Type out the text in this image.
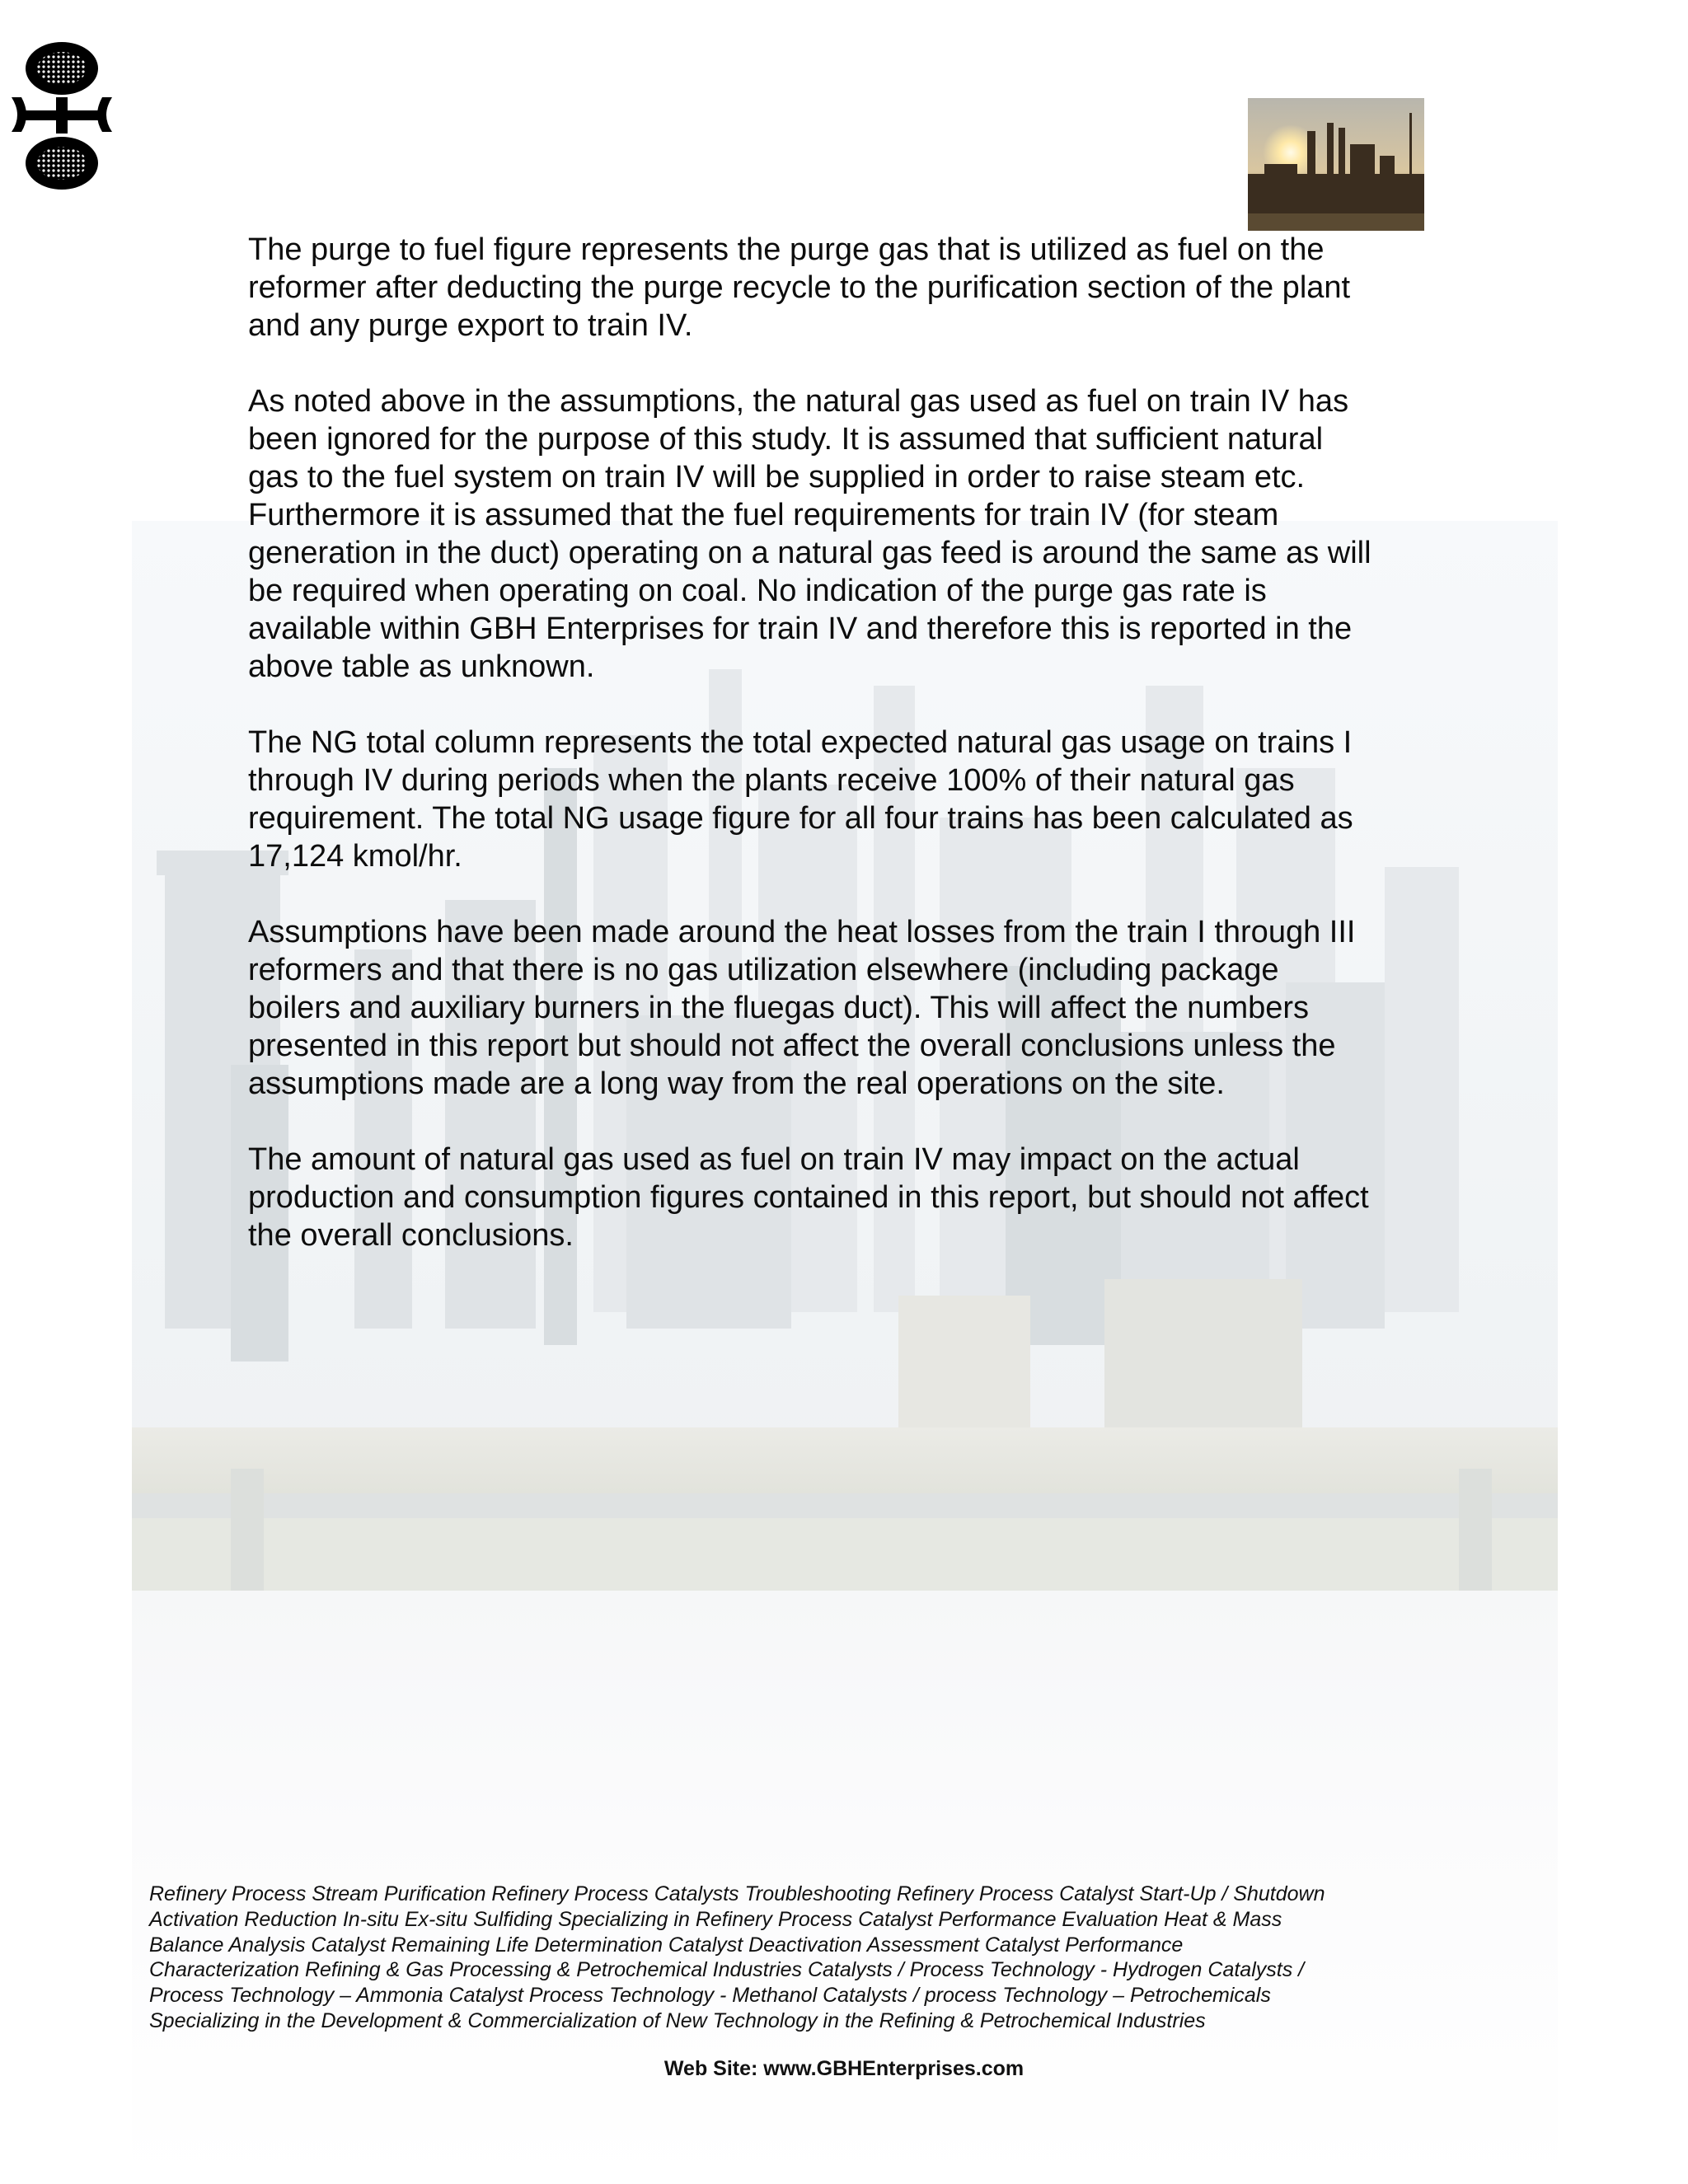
The purge to fuel figure represents the purge gas that is utilized as fuel on the
reformer after deducting the purge recycle to the purification section of the plant
and any purge export to train IV.

As noted above in the assumptions, the natural gas used as fuel on train IV has
been ignored for the purpose of this study. It is assumed that sufficient natural
gas to the fuel system on train IV will be supplied in order to raise steam etc.
Furthermore it is assumed that the fuel requirements for train IV (for steam
generation in the duct) operating on a natural gas feed is around the same as will
be required when operating on coal. No indication of the purge gas rate is
available within GBH Enterprises for train IV and therefore this is reported in the
above table as unknown.

The NG total column represents the total expected natural gas usage on trains I
through IV during periods when the plants receive 100% of their natural gas
requirement. The total NG usage figure for all four trains has been calculated as
17,124 kmol/hr.

Assumptions have been made around the heat losses from the train I through III
reformers and that there is no gas utilization elsewhere (including package
boilers and auxiliary burners in the fluegas duct). This will affect the numbers
presented in this report but should not affect the overall conclusions unless the
assumptions made are a long way from the real operations on the site.

The amount of natural gas used as fuel on train IV may impact on the actual
production and consumption figures contained in this report, but should not affect
the overall conclusions.

Refinery Process Stream Purification Refinery Process Catalysts Troubleshooting Refinery Process Catalyst Start-Up / Shutdown
Activation Reduction In-situ Ex-situ Sulfiding Specializing in Refinery Process Catalyst Performance Evaluation Heat & Mass
Balance Analysis Catalyst Remaining Life Determination Catalyst Deactivation Assessment Catalyst Performance
Characterization Refining & Gas Processing & Petrochemical Industries Catalysts / Process Technology - Hydrogen Catalysts /
Process Technology – Ammonia Catalyst Process Technology - Methanol Catalysts / process Technology – Petrochemicals
Specializing in the Development & Commercialization of New Technology in the Refining & Petrochemical Industries
Web Site: www.GBHEnterprises.com
